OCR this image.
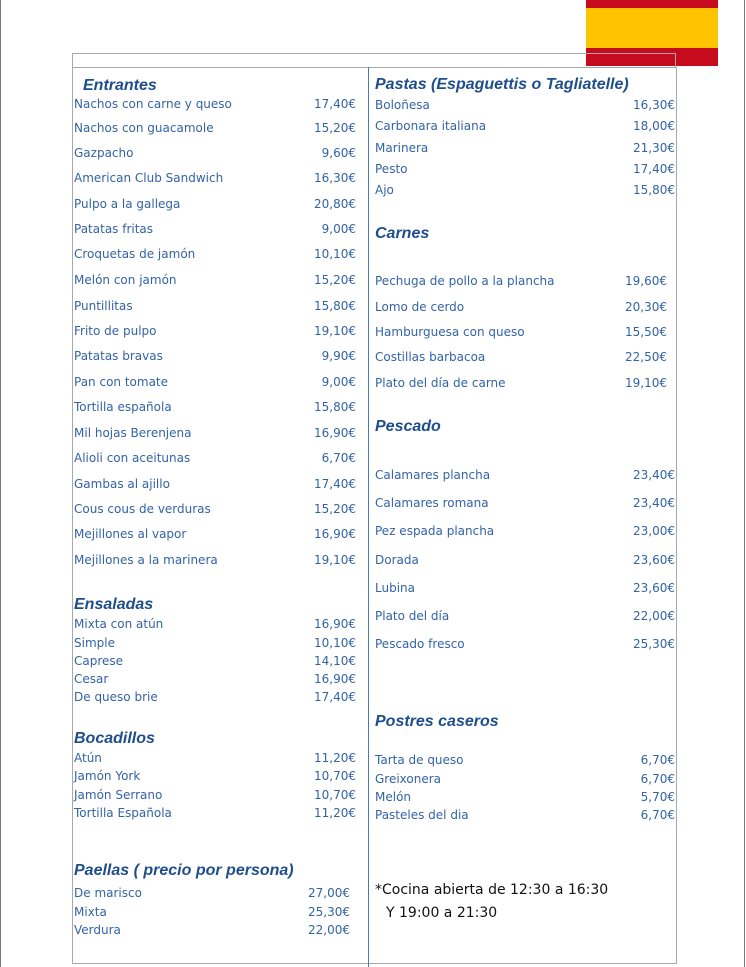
Entrantes
Nachos con carne y queso	17,40€
Nachos con guacamole	15,20€
Gazpacho	9,60€
American Club Sandwich	16,30€
Pulpo a la gallega	20,80€
Patatas fritas	9,00€
Croquetas de jamón	10,10€
Melón con jamón	15,20€
Puntillitas	15,80€
Frito de pulpo	19,10€
Patatas bravas	9,90€
Pan con tomate	9,00€
Tortilla española	15,80€
Mil hojas Berenjena	16,90€
Alioli con aceitunas	6,70€
Gambas al ajillo	17,40€
Cous cous de verduras	15,20€
Mejillones al vapor	16,90€
Mejillones a la marinera	19,10€
Ensaladas
Mixta con atún	16,90€
Simple	10,10€
Caprese	14,10€
Cesar	16,90€
De queso brie	17,40€
Bocadillos
Atún	11,20€
Jamón York	10,70€
Jamón Serrano	10,70€
Tortilla Española	11,20€
Paellas ( precio por persona)
De marisco	27,00€
Mixta	25,30€
Verdura	22,00€
Pastas (Espaguettis o Tagliatelle)
Boloñesa	16,30€
Carbonara italiana	18,00€
Marinera	21,30€
Pesto	17,40€
Ajo	15,80€
Carnes
Pechuga de pollo a la plancha	19,60€
Lomo de cerdo	20,30€
Hamburguesa con queso	15,50€
Costillas barbacoa	22,50€
Plato del día de carne	19,10€
Pescado
Calamares plancha	23,40€
Calamares romana	23,40€
Pez espada plancha	23,00€
Dorada	23,60€
Lubina	23,60€
Plato del día	22,00€
Pescado fresco	25,30€
Postres caseros
Tarta de queso	6,70€
Greixonera	6,70€
Melón	5,70€
Pasteles del dia	6,70€
*Cocina abierta de 12:30 a 16:30
Y 19:00 a 21:30
